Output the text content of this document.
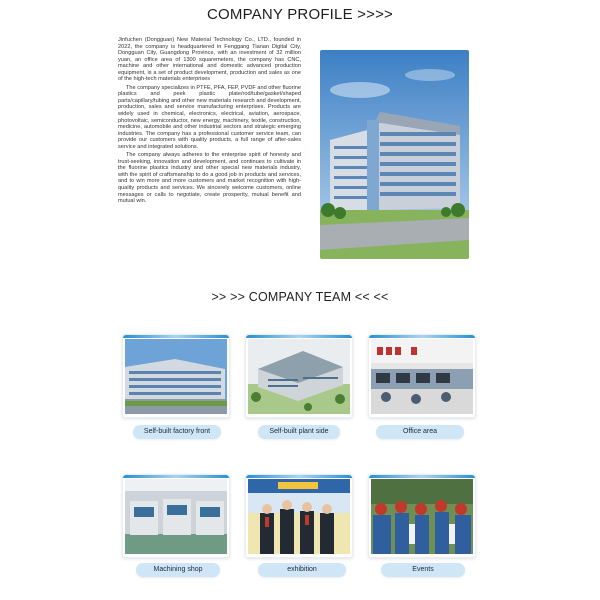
COMPANY PROFILE >>>>

Jinfuchen (Dongguan) New Material Technology Co., LTD., founded in 2022, the company is headquartered in Fenggang Tianan Digital City, Dongguan City, Guangdong Province, with an investment of 32 million yuan, an office area of 1300 squaremeters, the company has CNC, machine and other international and domestic advanced production equipment, is a set of product development, production and sales as one of the high-tech materials enterprises

The company specializes in PTFE, PFA, FEP, PVDF and other fluorine plastics and peek plastic plate/rod/tube/gasket/shaped parts/capillary/tubing and other new materials research and development, production, sales and service manufacturing enterprises. Products are widely used in chemical, electronics, electrical, aviation, aerospace, photovoltaic, semiconductor, new energy, machinery, textile, construction, medicine, automobile and other industrial sectors and strategic emerging industries. The company has a professional customer service team, can provide our customers with quality products, a full range of after-sales service and integrated solutions.

The company always adheres to the enterprise spirit of honesty and trust-seeking, innovation and development, and continues to cultivate in the fluorine plastics industry and other special new materials industry, with the spirit of craftsmanship to do a good job in products and services, and to win more and more customers and market recognition with high-quality products and services. We sincerely welcome customers, online messages or calls to negotiate, create prosperity, mutual benefit and mutual win.

>> >> COMPANY TEAM << <<
Self-built factory front	Self-built plant side	Office area
Machining shop	exhibition	Events
